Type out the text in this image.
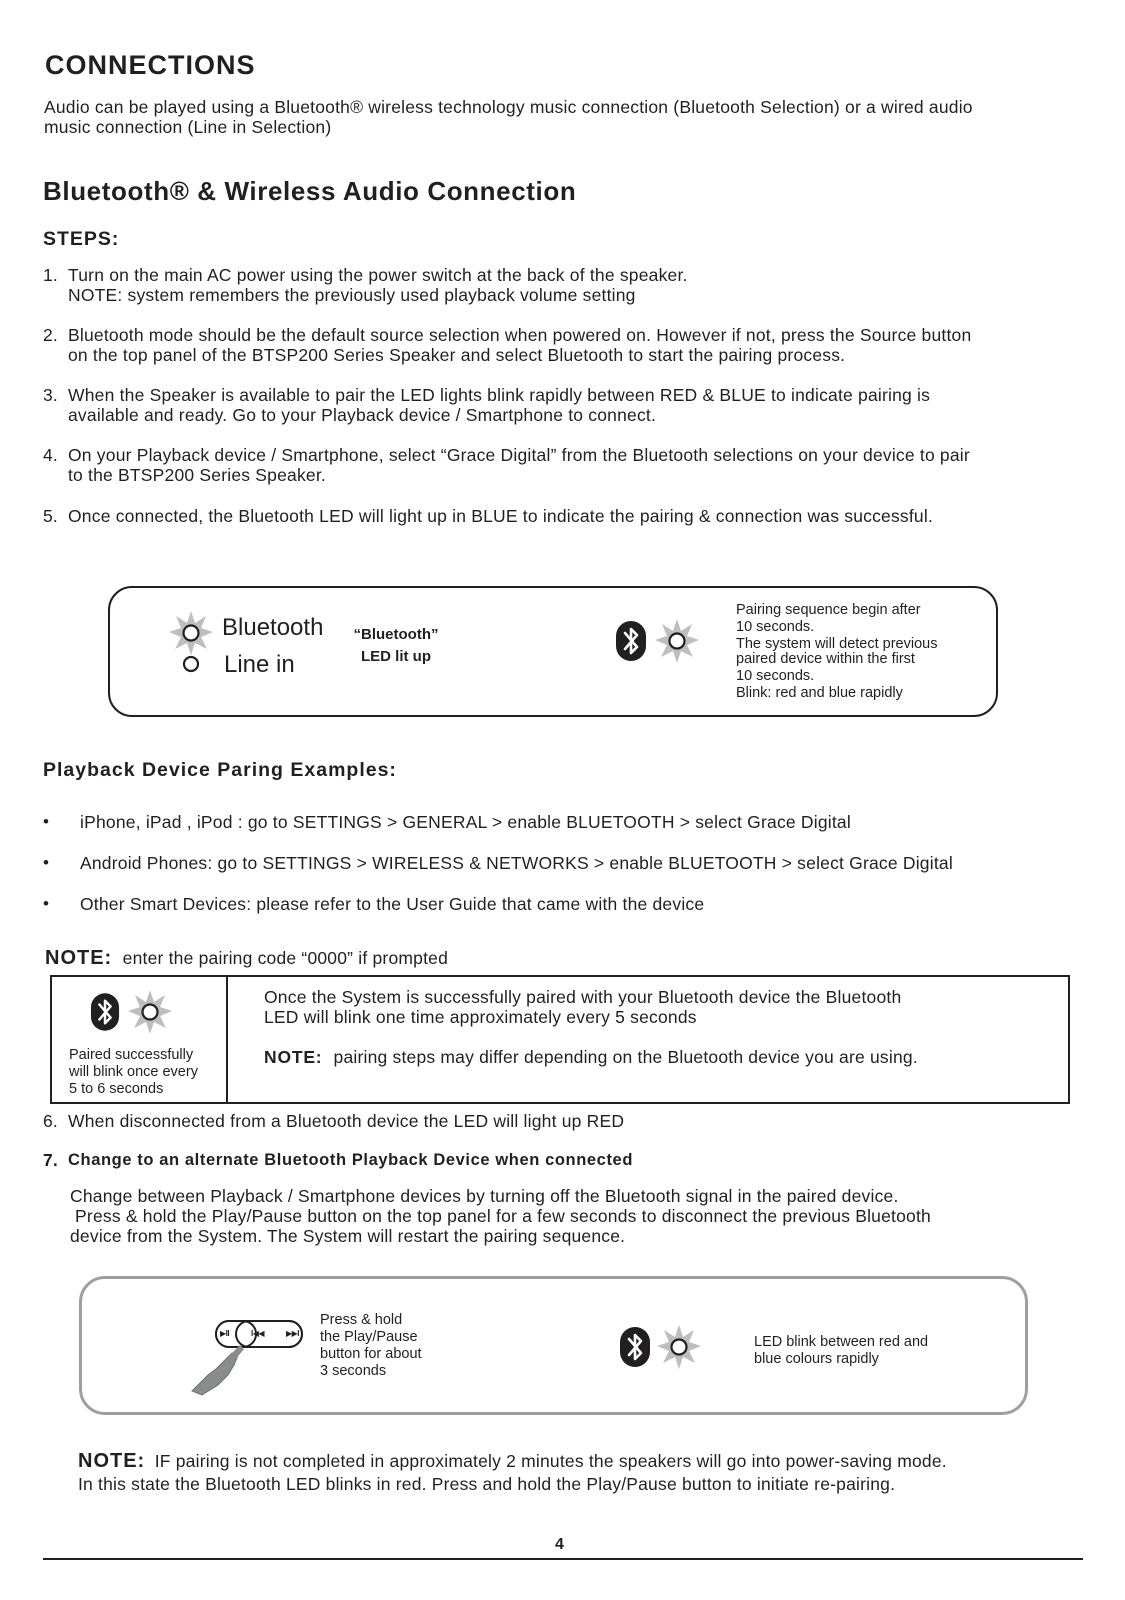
CONNECTIONS
Audio can be played using a Bluetooth® wireless technology music connection (Bluetooth Selection) or a wired audio
music connection (Line in Selection)
Bluetooth® & Wireless Audio Connection
STEPS:
1. Turn on the main AC power using the power switch at the back of the speaker.
NOTE: system remembers the previously used playback volume setting
2. Bluetooth mode should be the default source selection when powered on. However if not, press the Source button
on the top panel of the BTSP200 Series Speaker and select Bluetooth to start the pairing process.
3. When the Speaker is available to pair the LED lights blink rapidly between RED & BLUE to indicate pairing is
available and ready. Go to your Playback device / Smartphone to connect.
4. On your Playback device / Smartphone, select “Grace Digital” from the Bluetooth selections on your device to pair
to the BTSP200 Series Speaker.
5. Once connected, the Bluetooth LED will light up in BLUE to indicate the pairing & connection was successful.
Bluetooth
Line in
“Bluetooth”
LED lit up
Pairing sequence begin after
10 seconds.
The system will detect previous
paired device within the first
10 seconds.
Blink: red and blue rapidly
Playback Device Paring Examples:
• iPhone, iPad , iPod : go to SETTINGS > GENERAL > enable BLUETOOTH > select Grace Digital
• Android Phones: go to SETTINGS > WIRELESS & NETWORKS > enable BLUETOOTH > select Grace Digital
• Other Smart Devices: please refer to the User Guide that came with the device
NOTE: enter the pairing code “0000” if prompted
Paired successfully
will blink once every
5 to 6 seconds
Once the System is successfully paired with your Bluetooth device the Bluetooth
LED will blink one time approximately every 5 seconds
NOTE: pairing steps may differ depending on the Bluetooth device you are using.
6. When disconnected from a Bluetooth device the LED will light up RED
7. Change to an alternate Bluetooth Playback Device when connected
Change between Playback / Smartphone devices by turning off the Bluetooth signal in the paired device.
Press & hold the Play/Pause button on the top panel for a few seconds to disconnect the previous Bluetooth
device from the System. The System will restart the pairing sequence.
▶II	I◀◀	▶▶I
Press & hold
the Play/Pause
button for about
3 seconds
LED blink between red and
blue colours rapidly
NOTE:  IF pairing is not completed in approximately 2 minutes the speakers will go into power-saving mode.
In this state the Bluetooth LED blinks in red. Press and hold the Play/Pause button to initiate re-pairing.
4
